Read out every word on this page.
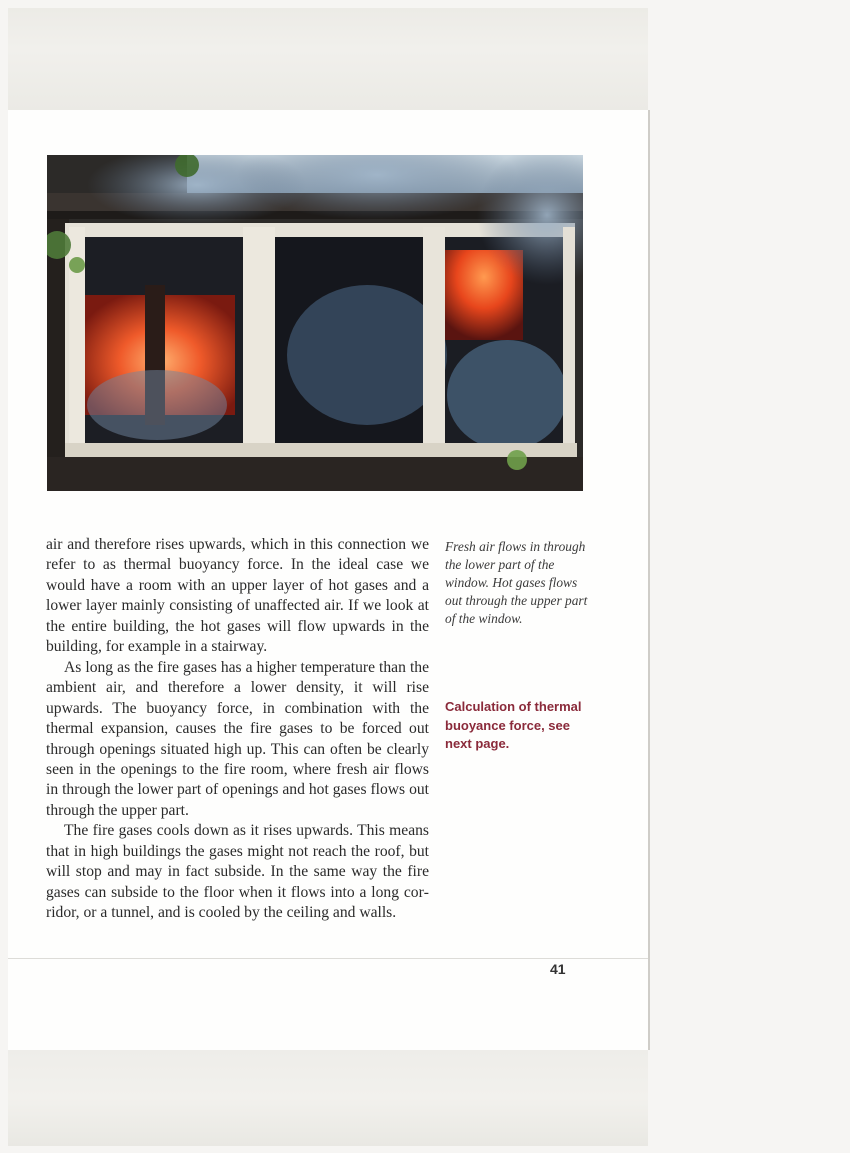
air and therefore rises upwards, which in this connection we refer to as thermal buoyancy force. In the ideal case we would have a room with an upper layer of hot gases and a lower layer mainly consisting of unaffected air. If we look at the entire building, the hot gases will flow upwards in the building, for example in a stairway.

As long as the fire gases has a higher temperature than the ambient air, and therefore a lower density, it will rise upwards. The buoyancy force, in combination with the thermal expansion, causes the fire gases to be forced out through openings situated high up. This can often be clearly seen in the openings to the fire room, where fresh air flows in through the lower part of openings and hot gases flows out through the upper part.

The fire gases cools down as it rises upwards. This means that in high buildings the gases might not reach the roof, but will stop and may in fact subside. In the same way the fire gases can subside to the floor when it flows into a long corridor, or a tunnel, and is cooled by the ceiling and walls.

Fresh air flows in through the lower part of the window. Hot gases flows out through the upper part of the window.
Calculation of thermal buoyance force, see next page.
41
